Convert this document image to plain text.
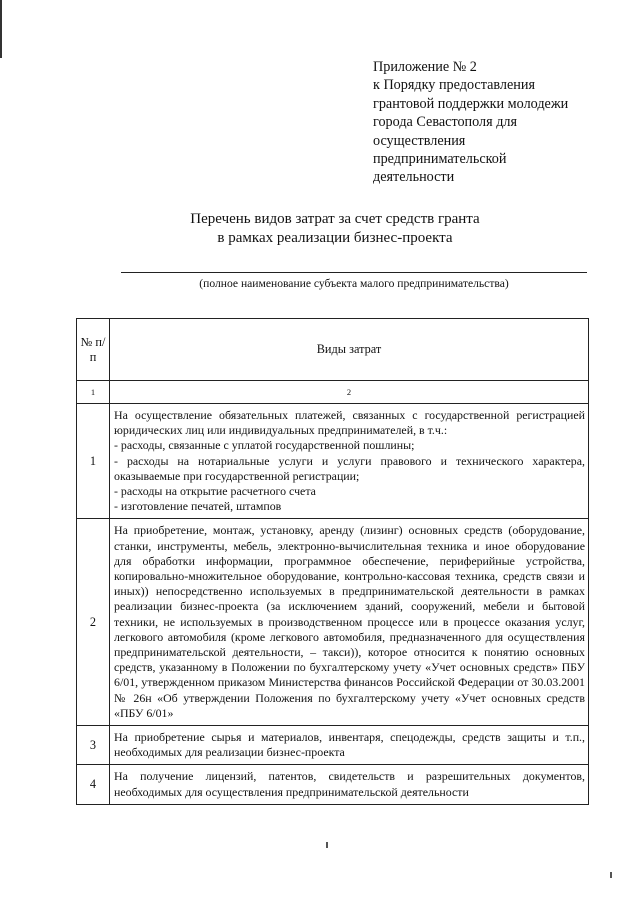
Приложение № 2
к Порядку предоставления
грантовой поддержки молодежи
города Севастополя для
осуществления
предпринимательской
деятельности
Перечень видов затрат за счет средств гранта
в рамках реализации бизнес-проекта
(полное наименование субъекта малого предпринимательства)
№ п/п	Виды затрат
1	2
1	На осуществление обязательных платежей, связанных с государственной регистрацией юридических лиц или индивидуальных предпринимателей, в т.ч.:
- расходы, связанные с уплатой государственной пошлины;
- расходы на нотариальные услуги и услуги правового и технического характера, оказываемые при государственной регистрации;
- расходы на открытие расчетного счета
- изготовление печатей, штампов

2	На приобретение, монтаж, установку, аренду (лизинг) основных средств (оборудование, станки, инструменты, мебель, электронно-вычислительная техника и иное оборудование для обработки информации, программное обеспечение, периферийные устройства, копировально-множительное оборудование, контрольно-кассовая техника, средств связи и иных)) непосредственно используемых в предпринимательской деятельности в рамках реализации бизнес-проекта (за исключением зданий, сооружений, мебели и бытовой техники, не используемых в производственном процессе или в процессе оказания услуг, легкового автомобиля (кроме легкового автомобиля, предназначенного для осуществления предпринимательской деятельности, – такси)), которое относится к понятию основных средств, указанному в Положении по бухгалтерскому учету «Учет основных средств» ПБУ 6/01, утвержденном приказом Министерства финансов Российской Федерации от 30.03.2001 № 26н «Об утверждении Положения по бухгалтерскому учету «Учет основных средств «ПБУ 6/01»

3	На приобретение сырья и материалов, инвентаря, спецодежды, средств защиты и т.п., необходимых для реализации бизнес-проекта

4	На получение лицензий, патентов, свидетельств и разрешительных документов, необходимых для осуществления предпринимательской деятельности
